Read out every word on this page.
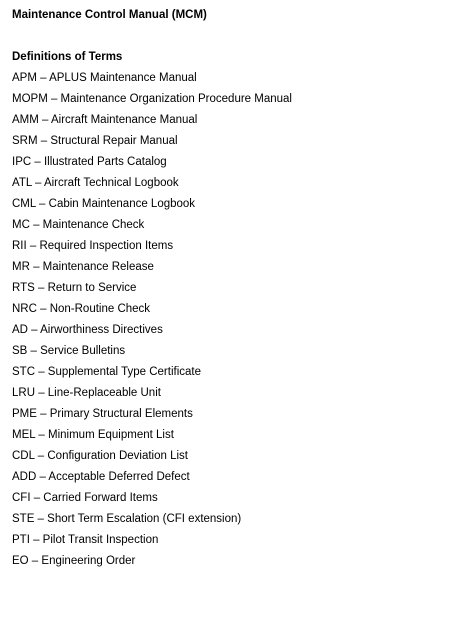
Maintenance Control Manual (MCM)
Definitions of Terms
APM – APLUS Maintenance Manual
MOPM – Maintenance Organization Procedure Manual
AMM – Aircraft Maintenance Manual
SRM – Structural Repair Manual
IPC – Illustrated Parts Catalog
ATL – Aircraft Technical Logbook
CML – Cabin Maintenance Logbook
MC – Maintenance Check
RII – Required Inspection Items
MR – Maintenance Release
RTS – Return to Service
NRC – Non-Routine Check
AD – Airworthiness Directives
SB – Service Bulletins
STC – Supplemental Type Certificate
LRU – Line-Replaceable Unit
PME – Primary Structural Elements
MEL – Minimum Equipment List
CDL – Configuration Deviation List
ADD – Acceptable Deferred Defect
CFI – Carried Forward Items
STE – Short Term Escalation (CFI extension)
PTI – Pilot Transit Inspection
EO – Engineering Order
